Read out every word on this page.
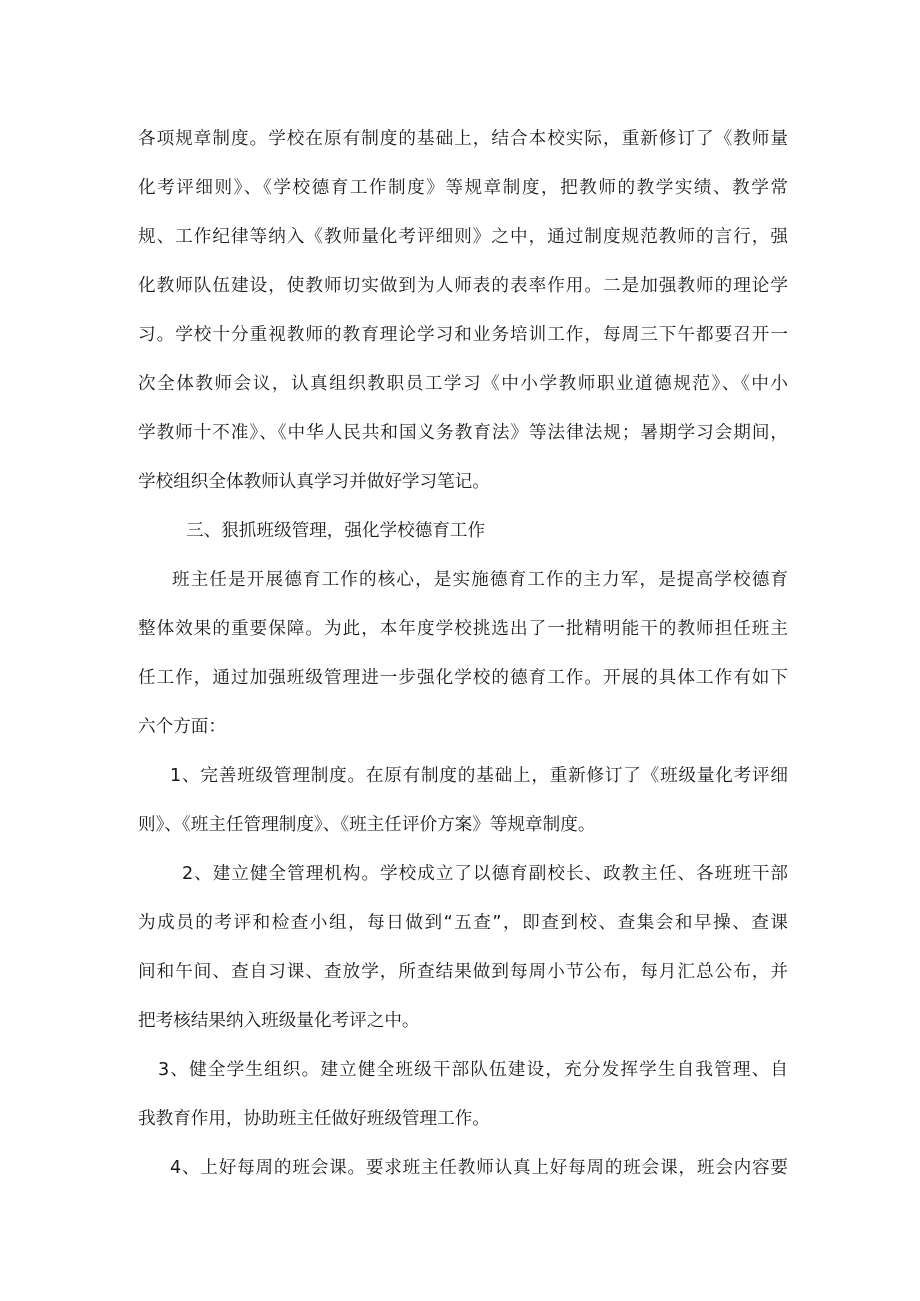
各项规章制度。学校在原有制度的基础上，结合本校实际，重新修订了《教师量
化考评细则》、《学校德育工作制度》等规章制度，把教师的教学实绩、教学常
规、工作纪律等纳入《教师量化考评细则》之中，通过制度规范教师的言行，强
化教师队伍建设，使教师切实做到为人师表的表率作用。二是加强教师的理论学
习。学校十分重视教师的教育理论学习和业务培训工作，每周三下午都要召开一
次全体教师会议，认真组织教职员工学习《中小学教师职业道德规范》、《中小
学教师十不准》、《中华人民共和国义务教育法》等法律法规；暑期学习会期间，
学校组织全体教师认真学习并做好学习笔记。
三、狠抓班级管理，强化学校德育工作
班主任是开展德育工作的核心，是实施德育工作的主力军，是提高学校德育
整体效果的重要保障。为此，本年度学校挑选出了一批精明能干的教师担任班主
任工作，通过加强班级管理进一步强化学校的德育工作。开展的具体工作有如下
六个方面：
1、完善班级管理制度。在原有制度的基础上，重新修订了《班级量化考评细
则》、《班主任管理制度》、《班主任评价方案》等规章制度。
2、建立健全管理机构。学校成立了以德育副校长、政教主任、各班班干部
为成员的考评和检查小组，每日做到“五查”，即查到校、查集会和早操、查课
间和午间、查自习课、查放学，所查结果做到每周小节公布，每月汇总公布，并
把考核结果纳入班级量化考评之中。
3、健全学生组织。建立健全班级干部队伍建设，充分发挥学生自我管理、自
我教育作用，协助班主任做好班级管理工作。
4、上好每周的班会课。要求班主任教师认真上好每周的班会课，班会内容要
